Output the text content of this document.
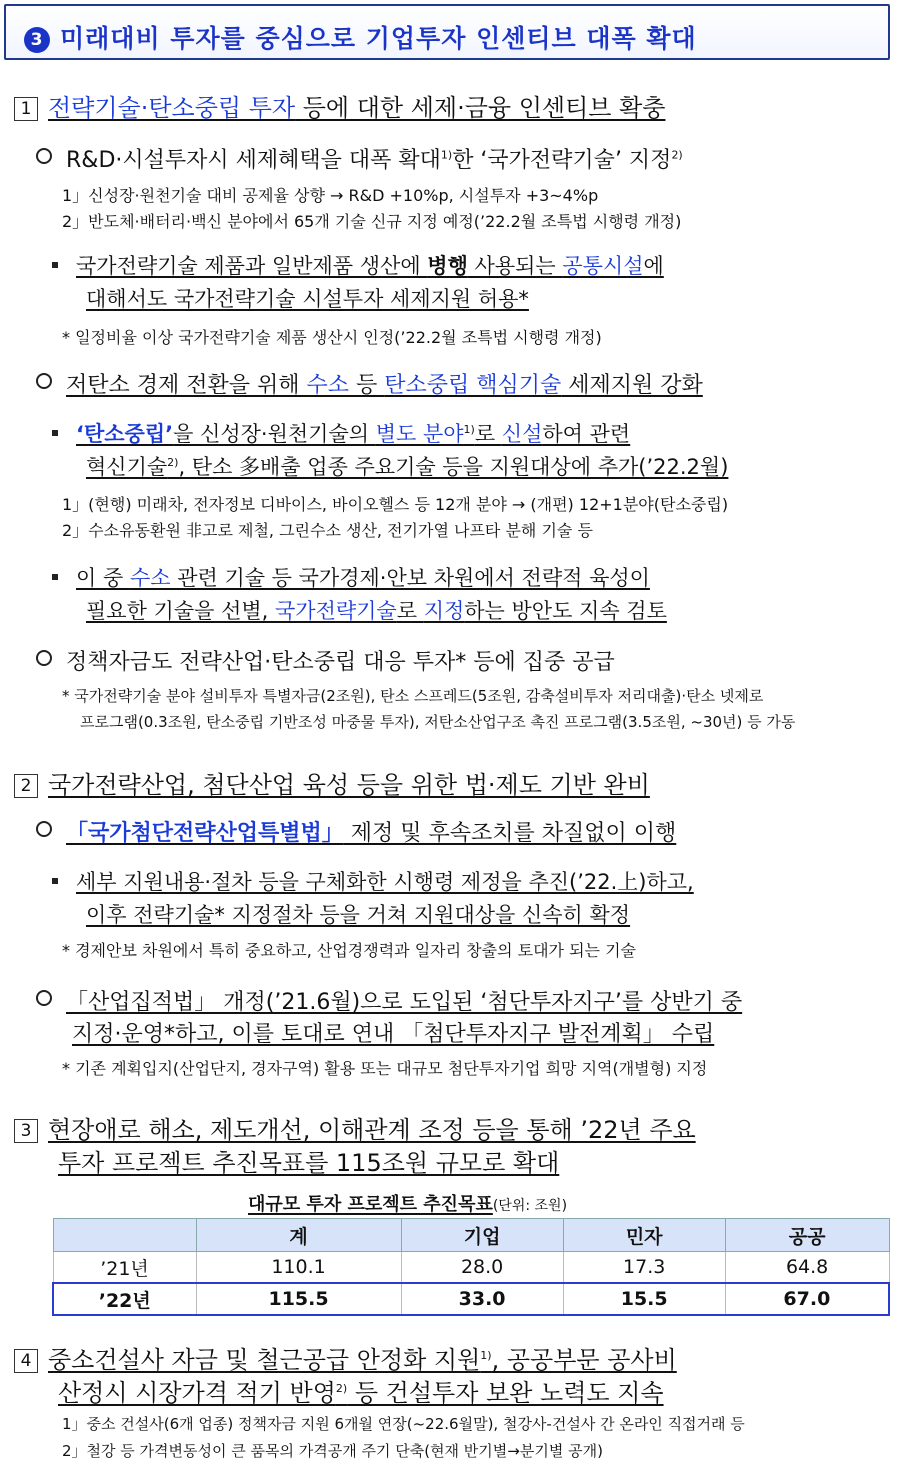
3 미래대비 투자를 중심으로 기업투자 인센티브 대폭 확대
1 전략기술·탄소중립 투자 등에 대한 세제·금융 인센티브 확충
R&D·시설투자시 세제혜택을 대폭 확대$^{1)}$한 ‘국가전략기술’ 지정$^{2)}$
1」신성장·원천기술 대비 공제율 상향 → R&D +10%p, 시설투자 +3~4%p
2」반도체·배터리·백신 분야에서 65개 기술 신규 지정 예정(’22.2월 조특법 시행령 개정)
국가전략기술 제품과 일반제품 생산에 병행 사용되는 공통시설에
대해서도 국가전략기술 시설투자 세제지원 허용*
* 일정비율 이상 국가전략기술 제품 생산시 인정(’22.2월 조특법 시행령 개정)
저탄소 경제 전환을 위해 수소 등 탄소중립 핵심기술 세제지원 강화
‘탄소중립’을 신성장·원천기술의 별도 분야$^{1)}$로 신설하여 관련
혁신기술$^{2)}$, 탄소 多배출 업종 주요기술 등을 지원대상에 추가(’22.2월)
1」(현행) 미래차, 전자정보 디바이스, 바이오헬스 등 12개 분야 → (개편) 12+1분야(탄소중립)
2」수소유동환원 非고로 제철, 그린수소 생산, 전기가열 나프타 분해 기술 등
이 중 수소 관련 기술 등 국가경제·안보 차원에서 전략적 육성이
필요한 기술을 선별, 국가전략기술로 지정하는 방안도 지속 검토
정책자금도 전략산업·탄소중립 대응 투자* 등에 집중 공급
* 국가전략기술 분야 설비투자 특별자금(2조원), 탄소 스프레드(5조원, 감축설비투자 저리대출)·탄소 넷제로
프로그램(0.3조원, 탄소중립 기반조성 마중물 투자), 저탄소산업구조 촉진 프로그램(3.5조원, ~30년) 등 가동
2 국가전략산업, 첨단산업 육성 등을 위한 법·제도 기반 완비
「국가첨단전략산업특별법」 제정 및 후속조치를 차질없이 이행
세부 지원내용·절차 등을 구체화한 시행령 제정을 추진(’22.上)하고,
이후 전략기술* 지정절차 등을 거쳐 지원대상을 신속히 확정
* 경제안보 차원에서 특히 중요하고, 산업경쟁력과 일자리 창출의 토대가 되는 기술
「산업집적법」 개정(’21.6월)으로 도입된 ‘첨단투자지구’를 상반기 중
지정·운영*하고, 이를 토대로 연내 「첨단투자지구 발전계획」 수립
* 기존 계획입지(산업단지, 경자구역) 활용 또는 대규모 첨단투자기업 희망 지역(개별형) 지정
3 현장애로 해소, 제도개선, 이해관계 조정 등을 통해 ’22년 주요
투자 프로젝트 추진목표를 115조원 규모로 확대
대규모 투자 프로젝트 추진목표(단위: 조원)
	계	기업	민자	공공
’21년	110.1	28.0	17.3	64.8
’22년	115.5	33.0	15.5	67.0
4 중소건설사 자금 및 철근공급 안정화 지원$^{1)}$, 공공부문 공사비
산정시 시장가격 적기 반영$^{2)}$ 등 건설투자 보완 노력도 지속
1」중소 건설사(6개 업종) 정책자금 지원 6개월 연장(~22.6월말), 철강사-건설사 간 온라인 직접거래 등
2」철강 등 가격변동성이 큰 품목의 가격공개 주기 단축(현재 반기별→분기별 공개)
